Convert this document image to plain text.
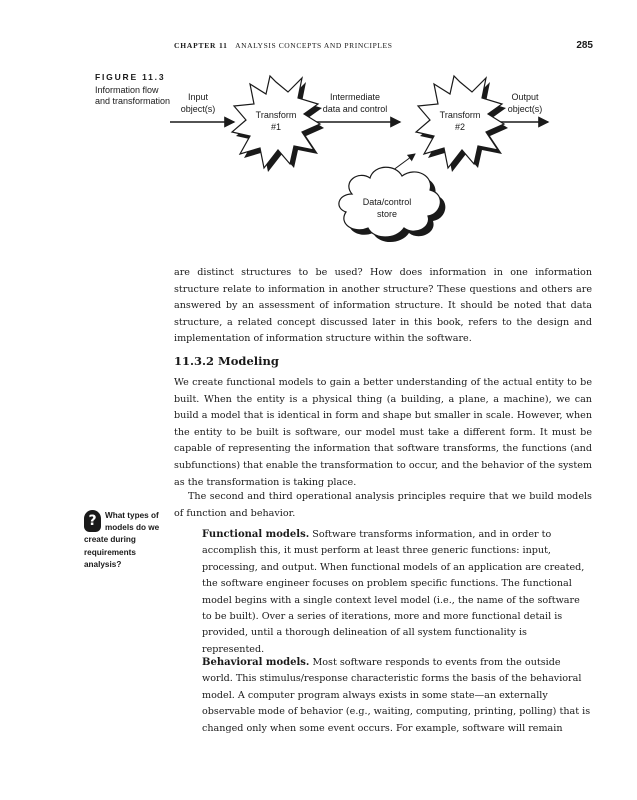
CHAPTER 11 ANALYSIS CONCEPTS AND PRINCIPLES	285
FIGURE 11.3
Information flow and transformation	Input
object(s)
Transform
#1
Intermediate
data and control
Transform
#2
Output
object(s)
Data/control
store
are distinct structures to be used? How does information in one information structure relate to information in another structure? These questions and others are answered by an assessment of information structure. It should be noted that data structure, a related concept discussed later in this book, refers to the design and implementation of information structure within the software.
11.3.2 Modeling
We create functional models to gain a better understanding of the actual entity to be built. When the entity is a physical thing (a building, a plane, a machine), we can build a model that is identical in form and shape but smaller in scale. However, when the entity to be built is software, our model must take a different form. It must be capable of representing the information that software transforms, the functions (and subfunctions) that enable the transformation to occur, and the behavior of the system as the transformation is taking place.
The second and third operational analysis principles require that we build models of function and behavior.
?	What types of models do we create during requirements analysis?
Functional models. Software transforms information, and in order to accomplish this, it must perform at least three generic functions: input, processing, and output. When functional models of an application are created, the software engineer focuses on problem specific functions. The functional model begins with a single context level model (i.e., the name of the software to be built). Over a series of iterations, more and more functional detail is provided, until a thorough delineation of all system functionality is represented.
Behavioral models. Most software responds to events from the outside world. This stimulus/response characteristic forms the basis of the behavioral model. A computer program always exists in some state—an externally observable mode of behavior (e.g., waiting, computing, printing, polling) that is changed only when some event occurs. For example, software will remain
